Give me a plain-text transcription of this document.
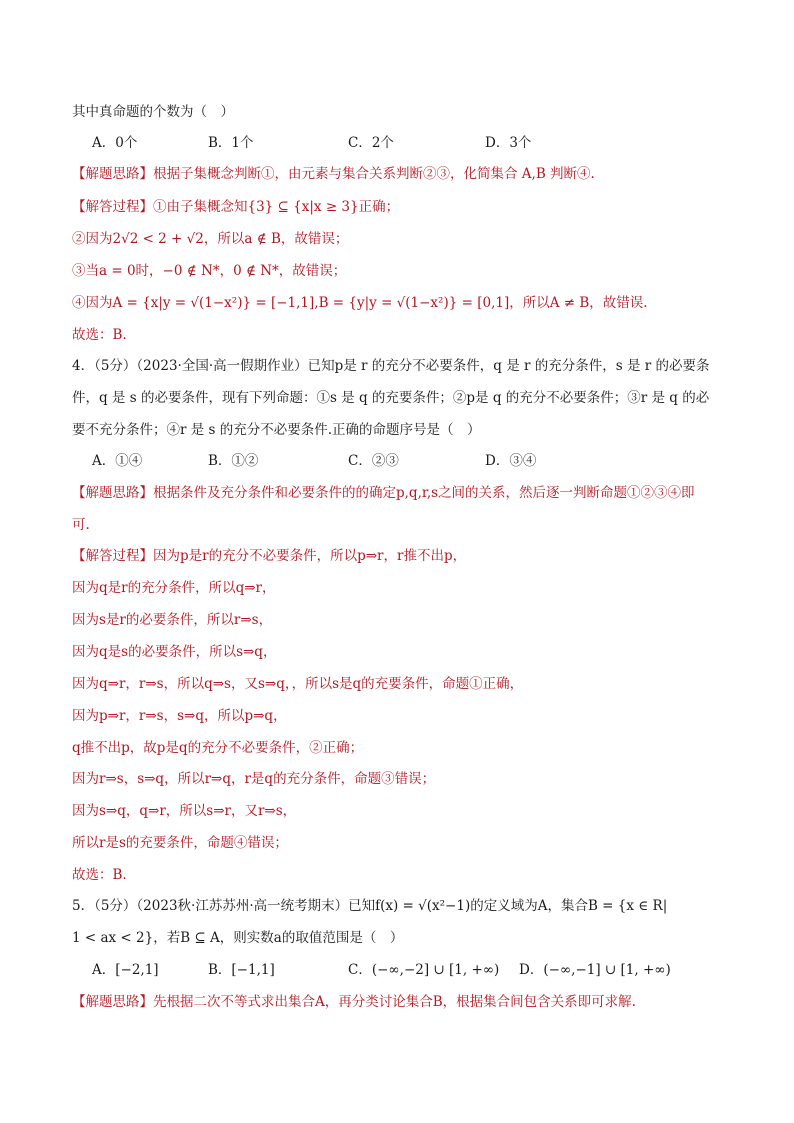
其中真命题的个数为（　）
A．0个	B．1个	C．2个	D．3个
【解题思路】根据子集概念判断①，由元素与集合关系判断②③，化简集合 A,B 判断④.
【解答过程】①由子集概念知{3} ⊆ {x|x ≥ 3}正确；
②因为2√2 < 2 + √2，所以a ∉ B，故错误；
③当a = 0时，−0 ∉ N*，0 ∉ N*，故错误；
④因为A = {x|y = √(1−x²)} = [−1,1],B = {y|y = √(1−x²)} = [0,1]，所以A ≠ B，故错误.
故选：B.
4．（5分）（2023·全国·高一假期作业）已知p是 r 的充分不必要条件，q 是 r 的充分条件，s 是 r 的必要条
件，q 是 s 的必要条件，现有下列命题：①s 是 q 的充要条件；②p是 q 的充分不必要条件；③r 是 q 的必
要不充分条件；④r 是 s 的充分不必要条件.正确的命题序号是（　）
A．①④	B．①②	C．②③	D．③④
【解题思路】根据条件及充分条件和必要条件的的确定p,q,r,s之间的关系，然后逐一判断命题①②③④即
可.
【解答过程】因为p是r的充分不必要条件，所以p⇒r，r推不出p，
因为q是r的充分条件，所以q⇒r，
因为s是r的必要条件，所以r⇒s，
因为q是s的必要条件，所以s⇒q，
因为q⇒r，r⇒s，所以q⇒s，又s⇒q，，所以s是q的充要条件，命题①正确，
因为p⇒r，r⇒s，s⇒q，所以p⇒q，
q推不出p，故p是q的充分不必要条件，②正确；
因为r⇒s，s⇒q，所以r⇒q，r是q的充分条件，命题③错误；
因为s⇒q，q⇒r，所以s⇒r，又r⇒s，
所以r是s的充要条件，命题④错误；
故选：B.
5．（5分）（2023秋·江苏苏州·高一统考期末）已知f(x) = √(x²−1)的定义域为A，集合B = {x ∈ R|
1 < ax < 2}，若B ⊆ A，则实数a的取值范围是（　）
A．[−2,1]	B．[−1,1]	C．(−∞,−2] ∪ [1, +∞) D．(−∞,−1] ∪ [1, +∞)
【解题思路】先根据二次不等式求出集合A，再分类讨论集合B，根据集合间包含关系即可求解.
